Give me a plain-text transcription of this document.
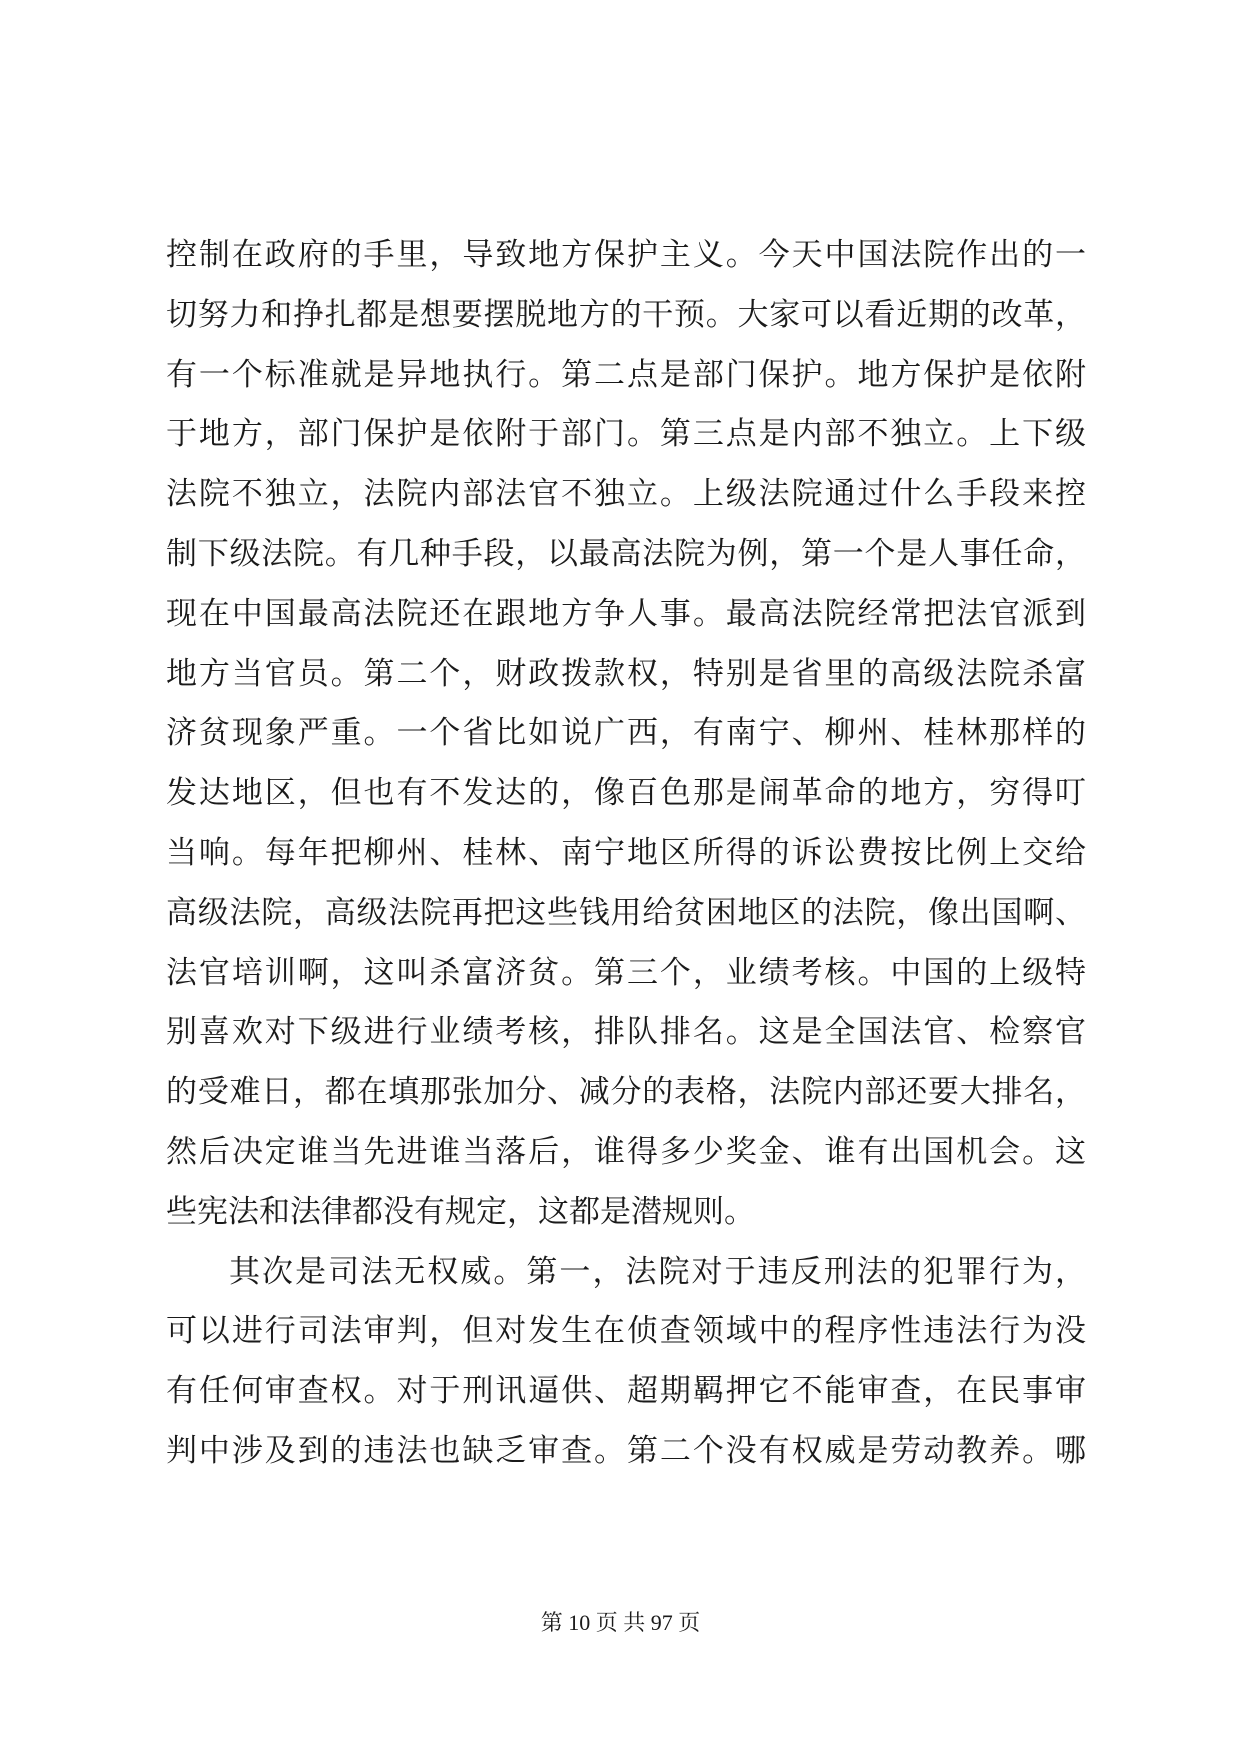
控制在政府的手里，导致地方保护主义。今天中国法院作出的一
切努力和挣扎都是想要摆脱地方的干预。大家可以看近期的改革，
有一个标准就是异地执行。第二点是部门保护。地方保护是依附
于地方，部门保护是依附于部门。第三点是内部不独立。上下级
法院不独立，法院内部法官不独立。上级法院通过什么手段来控
制下级法院。有几种手段，以最高法院为例，第一个是人事任命，
现在中国最高法院还在跟地方争人事。最高法院经常把法官派到
地方当官员。第二个，财政拨款权，特别是省里的高级法院杀富
济贫现象严重。一个省比如说广西，有南宁、柳州、桂林那样的
发达地区，但也有不发达的，像百色那是闹革命的地方，穷得叮
当响。每年把柳州、桂林、南宁地区所得的诉讼费按比例上交给
高级法院，高级法院再把这些钱用给贫困地区的法院，像出国啊、
法官培训啊，这叫杀富济贫。第三个，业绩考核。中国的上级特
别喜欢对下级进行业绩考核，排队排名。这是全国法官、检察官
的受难日，都在填那张加分、减分的表格，法院内部还要大排名，
然后决定谁当先进谁当落后，谁得多少奖金、谁有出国机会。这
些宪法和法律都没有规定，这都是潜规则。
其次是司法无权威。第一，法院对于违反刑法的犯罪行为，
可以进行司法审判，但对发生在侦查领域中的程序性违法行为没
有任何审查权。对于刑讯逼供、超期羁押它不能审查，在民事审
判中涉及到的违法也缺乏审查。第二个没有权威是劳动教养。哪
第 10 页 共 97 页
